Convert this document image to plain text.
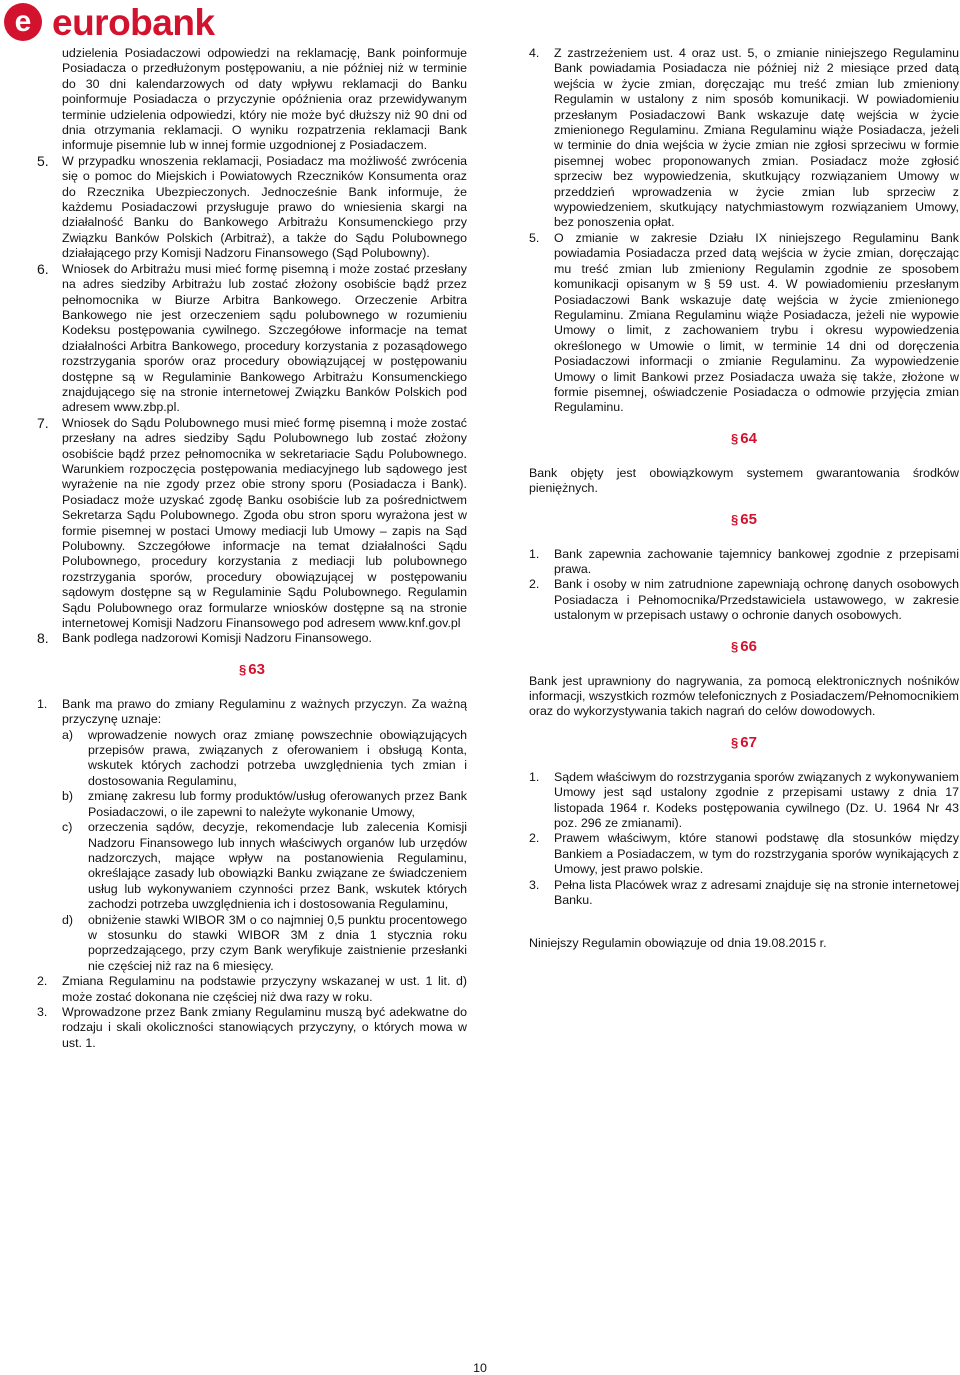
e eurobank
udzielenia Posiadaczowi odpowiedzi na reklamację, Bank poinformuje Posiadacza o przedłużonym postępowaniu, a nie później niż w terminie do 30 dni kalendarzowych od daty wpływu reklamacji do Banku poinformuje Posiadacza o przyczynie opóźnienia oraz przewidywanym terminie udzielenia odpowiedzi, który nie może być dłuższy niż 90 dni od dnia otrzymania reklamacji. O wyniku rozpatrzenia reklamacji Bank informuje pisemnie lub w innej formie uzgodnionej z Posiadaczem.
5. W przypadku wnoszenia reklamacji, Posiadacz ma możliwość zwrócenia się o pomoc do Miejskich i Powiatowych Rzeczników Konsumenta oraz do Rzecznika Ubezpieczonych. Jednocześnie Bank informuje, że każdemu Posiadaczowi przysługuje prawo do wniesienia skargi na działalność Banku do Bankowego Arbitrażu Konsumenckiego przy Związku Banków Polskich (Arbitraż), a także do Sądu Polubownego działającego przy Komisji Nadzoru Finansowego (Sąd Polubowny).
6. Wniosek do Arbitrażu musi mieć formę pisemną i może zostać przesłany na adres siedziby Arbitrażu lub zostać złożony osobiście bądź przez pełnomocnika w Biurze Arbitra Bankowego. Orzeczenie Arbitra Bankowego nie jest orzeczeniem sądu polubownego w rozumieniu Kodeksu postępowania cywilnego. Szczegółowe informacje na temat działalności Arbitra Bankowego, procedury korzystania z pozasądowego rozstrzygania sporów oraz procedury obowiązującej w postępowaniu dostępne są w Regulaminie Bankowego Arbitrażu Konsumenckiego znajdującego się na stronie internetowej Związku Banków Polskich pod adresem www.zbp.pl.
7. Wniosek do Sądu Polubownego musi mieć formę pisemną i może zostać przesłany na adres siedziby Sądu Polubownego lub zostać złożony osobiście bądź przez pełnomocnika w sekretariacie Sądu Polubownego. Warunkiem rozpoczęcia postępowania mediacyjnego lub sądowego jest wyrażenie na nie zgody przez obie strony sporu (Posiadacza i Bank). Posiadacz może uzyskać zgodę Banku osobiście lub za pośrednictwem Sekretarza Sądu Polubownego. Zgoda obu stron sporu wyrażona jest w formie pisemnej w postaci Umowy mediacji lub Umowy – zapis na Sąd Polubowny. Szczegółowe informacje na temat działalności Sądu Polubownego, procedury korzystania z mediacji lub polubownego rozstrzygania sporów, procedury obowiązującej w postępowaniu sądowym dostępne są w Regulaminie Sądu Polubownego. Regulamin Sądu Polubownego oraz formularze wniosków dostępne są na stronie internetowej Komisji Nadzoru Finansowego pod adresem www.knf.gov.pl
8. Bank podlega nadzorowi Komisji Nadzoru Finansowego.
§ 63
1. Bank ma prawo do zmiany Regulaminu z ważnych przyczyn. Za ważną przyczynę uznaje:
a) wprowadzenie nowych oraz zmianę powszechnie obowiązujących przepisów prawa, związanych z oferowaniem i obsługą Konta, wskutek których zachodzi potrzeba uwzględnienia tych zmian i dostosowania Regulaminu,
b) zmianę zakresu lub formy produktów/usług oferowanych przez Bank Posiadaczowi, o ile zapewni to należyte wykonanie Umowy,
c) orzeczenia sądów, decyzje, rekomendacje lub zalecenia Komisji Nadzoru Finansowego lub innych właściwych organów lub urzędów nadzorczych, mające wpływ na postanowienia Regulaminu, określające zasady lub obowiązki Banku związane ze świadczeniem usług lub wykonywaniem czynności przez Bank, wskutek których zachodzi potrzeba uwzględnienia ich i dostosowania Regulaminu,
d) obniżenie stawki WIBOR 3M o co najmniej 0,5 punktu procentowego w stosunku do stawki WIBOR 3M z dnia 1 stycznia roku poprzedzającego, przy czym Bank weryfikuje zaistnienie przesłanki nie częściej niż raz na 6 miesięcy.
2. Zmiana Regulaminu na podstawie przyczyny wskazanej w ust. 1 lit. d) może zostać dokonana nie częściej niż dwa razy w roku.
3. Wprowadzone przez Bank zmiany Regulaminu muszą być adekwatne do rodzaju i skali okoliczności stanowiących przyczyny, o których mowa w ust. 1.
4. Z zastrzeżeniem ust. 4 oraz ust. 5, o zmianie niniejszego Regulaminu Bank powiadamia Posiadacza nie później niż 2 miesiące przed datą wejścia w życie zmian, doręczając mu treść zmian lub zmieniony Regulamin w ustalony z nim sposób komunikacji. W powiadomieniu przesłanym Posiadaczowi Bank wskazuje datę wejścia w życie zmienionego Regulaminu. Zmiana Regulaminu wiąże Posiadacza, jeżeli w terminie do dnia wejścia w życie zmian nie zgłosi sprzeciwu w formie pisemnej wobec proponowanych zmian. Posiadacz może zgłosić sprzeciw bez wypowiedzenia, skutkujący rozwiązaniem Umowy w przeddzień wprowadzenia w życie zmian lub sprzeciw z wypowiedzeniem, skutkujący natychmiastowym rozwiązaniem Umowy, bez ponoszenia opłat.
5. O zmianie w zakresie Działu IX niniejszego Regulaminu Bank powiadamia Posiadacza przed datą wejścia w życie zmian, doręczając mu treść zmian lub zmieniony Regulamin zgodnie ze sposobem komunikacji opisanym w § 59 ust. 4. W powiadomieniu przesłanym Posiadaczowi Bank wskazuje datę wejścia w życie zmienionego Regulaminu. Zmiana Regulaminu wiąże Posiadacza, jeżeli nie wypowie Umowy o limit, z zachowaniem trybu i okresu wypowiedzenia określonego w Umowie o limit, w terminie 14 dni od doręczenia Posiadaczowi informacji o zmianie Regulaminu. Za wypowiedzenie Umowy o limit Bankowi przez Posiadacza uważa się także, złożone w formie pisemnej, oświadczenie Posiadacza o odmowie przyjęcia zmian Regulaminu.
§ 64
Bank objęty jest obowiązkowym systemem gwarantowania środków pieniężnych.
§ 65
1. Bank zapewnia zachowanie tajemnicy bankowej zgodnie z przepisami prawa.
2. Bank i osoby w nim zatrudnione zapewniają ochronę danych osobowych Posiadacza i Pełnomocnika/Przedstawiciela ustawowego, w zakresie ustalonym w przepisach ustawy o ochronie danych osobowych.
§ 66
Bank jest uprawniony do nagrywania, za pomocą elektronicznych nośników informacji, wszystkich rozmów telefonicznych z Posiadaczem/Pełnomocnikiem oraz do wykorzystywania takich nagrań do celów dowodowych.
§ 67
1. Sądem właściwym do rozstrzygania sporów związanych z wykonywaniem Umowy jest sąd ustalony zgodnie z przepisami ustawy z dnia 17 listopada 1964 r. Kodeks postępowania cywilnego (Dz. U. 1964 Nr 43 poz. 296 ze zmianami).
2. Prawem właściwym, które stanowi podstawę dla stosunków między Bankiem a Posiadaczem, w tym do rozstrzygania sporów wynikających z Umowy, jest prawo polskie.
3. Pełna lista Placówek wraz z adresami znajduje się na stronie internetowej Banku.
Niniejszy Regulamin obowiązuje od dnia 19.08.2015 r.
10
